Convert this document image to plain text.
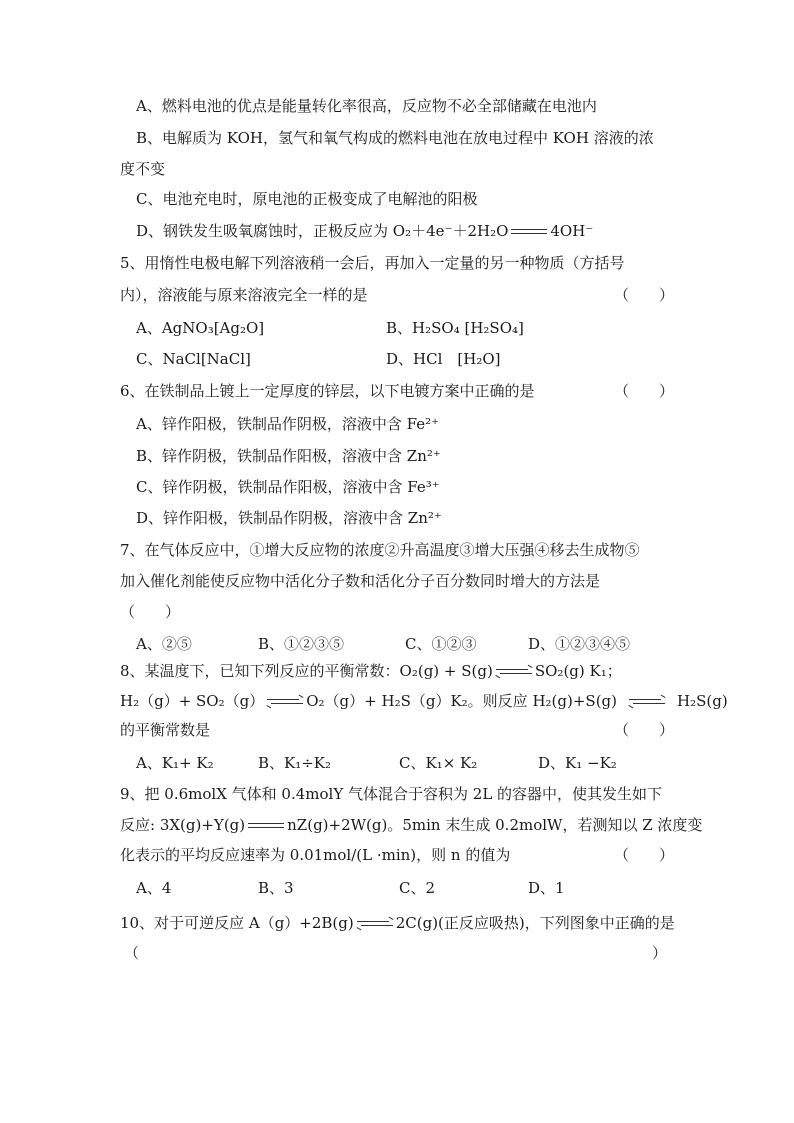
A、燃料电池的优点是能量转化率很高，反应物不必全部储藏在电池内
B、电解质为 KOH，氢气和氧气构成的燃料电池在放电过程中 KOH 溶液的浓
度不变
C、电池充电时，原电池的正极变成了电解池的阳极
D、钢铁发生吸氧腐蚀时，正极反应为 O₂＋4e⁻＋2H₂O	4OH⁻
5、用惰性电极电解下列溶液稍一会后，再加入一定量的另一种物质（方括号
内），溶液能与原来溶液完全一样的是	（　　）
A、AgNO₃[Ag₂O]	B、H₂SO₄ [H₂SO₄]
C、NaCl[NaCl]	D、HCl　[H₂O]
6、在铁制品上镀上一定厚度的锌层，以下电镀方案中正确的是	（　　）
A、锌作阳极，铁制品作阴极，溶液中含 Fe²⁺
B、锌作阴极，铁制品作阳极，溶液中含 Zn²⁺
C、锌作阴极，铁制品作阳极，溶液中含 Fe³⁺
D、锌作阳极，铁制品作阴极，溶液中含 Zn²⁺
7、在气体反应中，①增大反应物的浓度②升高温度③增大压强④移去生成物⑤
加入催化剂能使反应物中活化分子数和活化分子百分数同时增大的方法是
（　　）
A、②⑤	B、①②③⑤	C、①②③	D、①②③④⑤
8、某温度下，已知下列反应的平衡常数：O₂(g) + S(g)	SO₂(g) K₁；
H₂（g）+ SO₂（g）	O₂（g）+ H₂S（g）K₂。则反应 H₂(g)+S(g)	H₂S(g)
的平衡常数是	（　　）
A、K₁+ K₂	B、K₁÷K₂	C、K₁× K₂	D、K₁ −K₂
9、把 0.6molX 气体和 0.4molY 气体混合于容积为 2L 的容器中，使其发生如下
反应: 3X(g)+Y(g)	nZ(g)+2W(g)。5min 末生成 0.2molW，若测知以 Z 浓度变
化表示的平均反应速率为 0.01mol/(L ·min)，则 n 的值为	（　　）
A、4	B、3	C、2	D、1
10、对于可逆反应 A（g）+2B(g)	2C(g)(正反应吸热)，下列图象中正确的是
（	）
